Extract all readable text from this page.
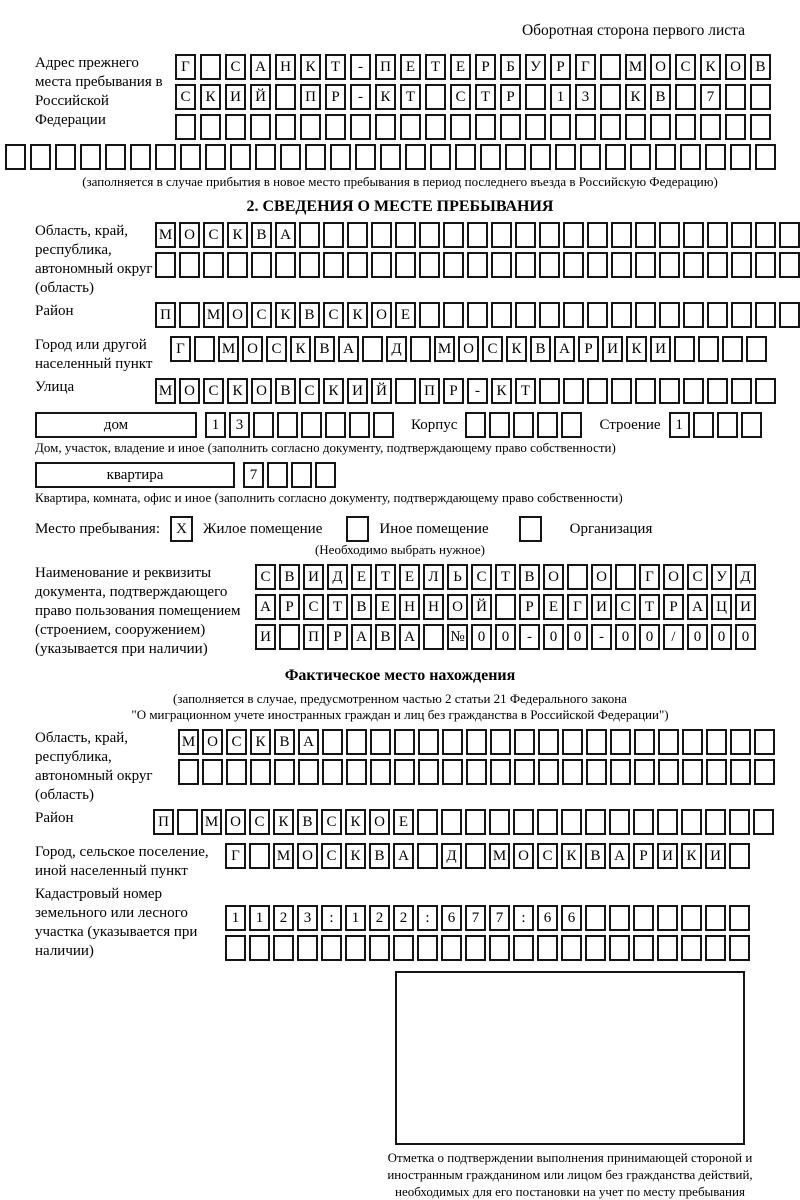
Оборотная сторона первого листа
Адрес прежнего места пребывания в Российской Федерации
Г	С А Н К	Т	-	П Е	Т	Е	Р	Б	У	Р	Г	М О С К О В
С К И Й	П	Р	-	К	Т	С	Т	Р	1	3	К В	7
(заполняется в случае прибытия в новое место пребывания в период последнего въезда в Российскую Федерацию)
2. СВЕДЕНИЯ О МЕСТЕ ПРЕБЫВАНИЯ
Область, край, республика, автономный округ (область)
М О С К В А
Район	П	М О С К В С К О Е
Город или другой населенный пункт
Г	М О С К В А	Д	М О С К В А Р И К И
Улица	М О С К О В С К И Й	П Р	-	К Т
дом	1	3	Корпус	Строение 1
Дом, участок, владение и иное (заполнить согласно документу, подтверждающему право собственности)
квартира	7
Квартира, комната, офис и иное (заполнить согласно документу, подтверждающему право собственности)
Место пребывания:	X	Жилое помещение	Иное помещение	Организация
(Необходимо выбрать нужное)
Наименование и реквизиты документа, подтверждающего право пользования помещением (строением, сооружением) (указывается при наличии)
С В И Д Е Т Е Л Ь С Т В О	О	Г О С У Д
А Р С Т В Е Н Н О Й	Р	Е	Г И С Т	Р А Ц И
И	П Р А В А	№ 0	0	-	0	0	-	0	0	/	0	0	0
Фактическое место нахождения
(заполняется в случае, предусмотренном частью 2 статьи 21 Федерального закона
"О миграционном учете иностранных граждан и лиц без гражданства в Российской Федерации")
Область, край, республика, автономный округ (область)
М О С К В А
Район	П	М О С К В С К О Е
Город, сельское поселение, иной населенный пункт
Г	М О С К В А	Д	М О С К В А Р И К И
Кадастровый номер земельного или лесного участка (указывается при наличии)
1	1	2	3	:	1	2	2	:	6	7	7	:	6	6
Отметка о подтверждении выполнения принимающей стороной и иностранным гражданином или лицом без гражданства действий, необходимых для его постановки на учет по месту пребывания
